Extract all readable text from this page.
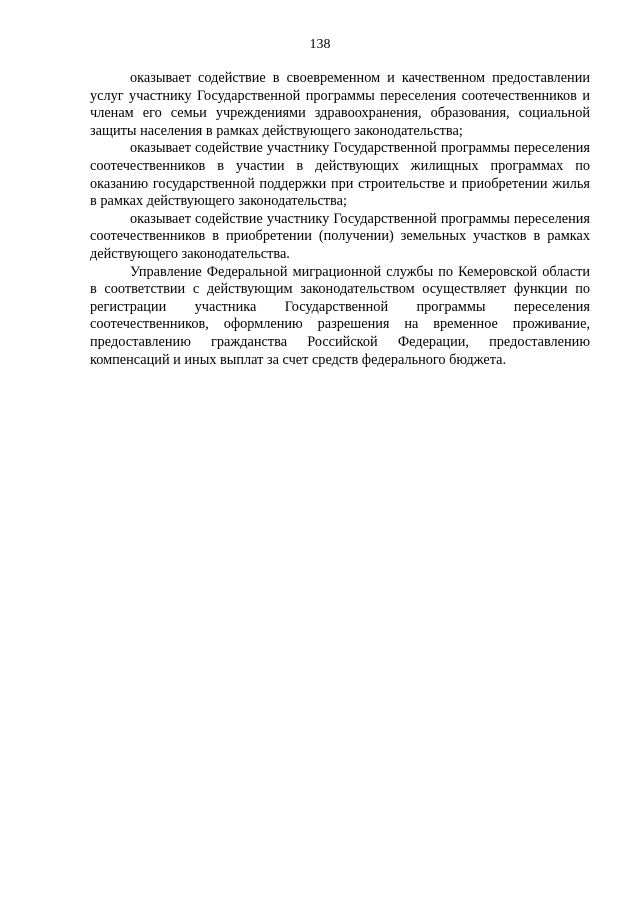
138

оказывает содействие в своевременном и качественном предоставлении услуг участнику Государственной программы переселения соотечественников и членам его семьи учреждениями здравоохранения, образования, социальной защиты населения в рамках действующего законодательства;

оказывает содействие участнику Государственной программы переселения соотечественников в участии в действующих жилищных программах по оказанию государственной поддержки при строительстве и приобретении жилья в рамках действующего законодательства;

оказывает содействие участнику Государственной программы переселения соотечественников в приобретении (получении) земельных участков в рамках действующего законодательства.

Управление Федеральной миграционной службы по Кемеровской области в соответствии с действующим законодательством осуществляет функции по регистрации участника Государственной программы переселения соотечественников, оформлению разрешения на временное проживание, предоставлению гражданства Российской Федерации, предоставлению компенсаций и иных выплат за счет средств федерального бюджета.
